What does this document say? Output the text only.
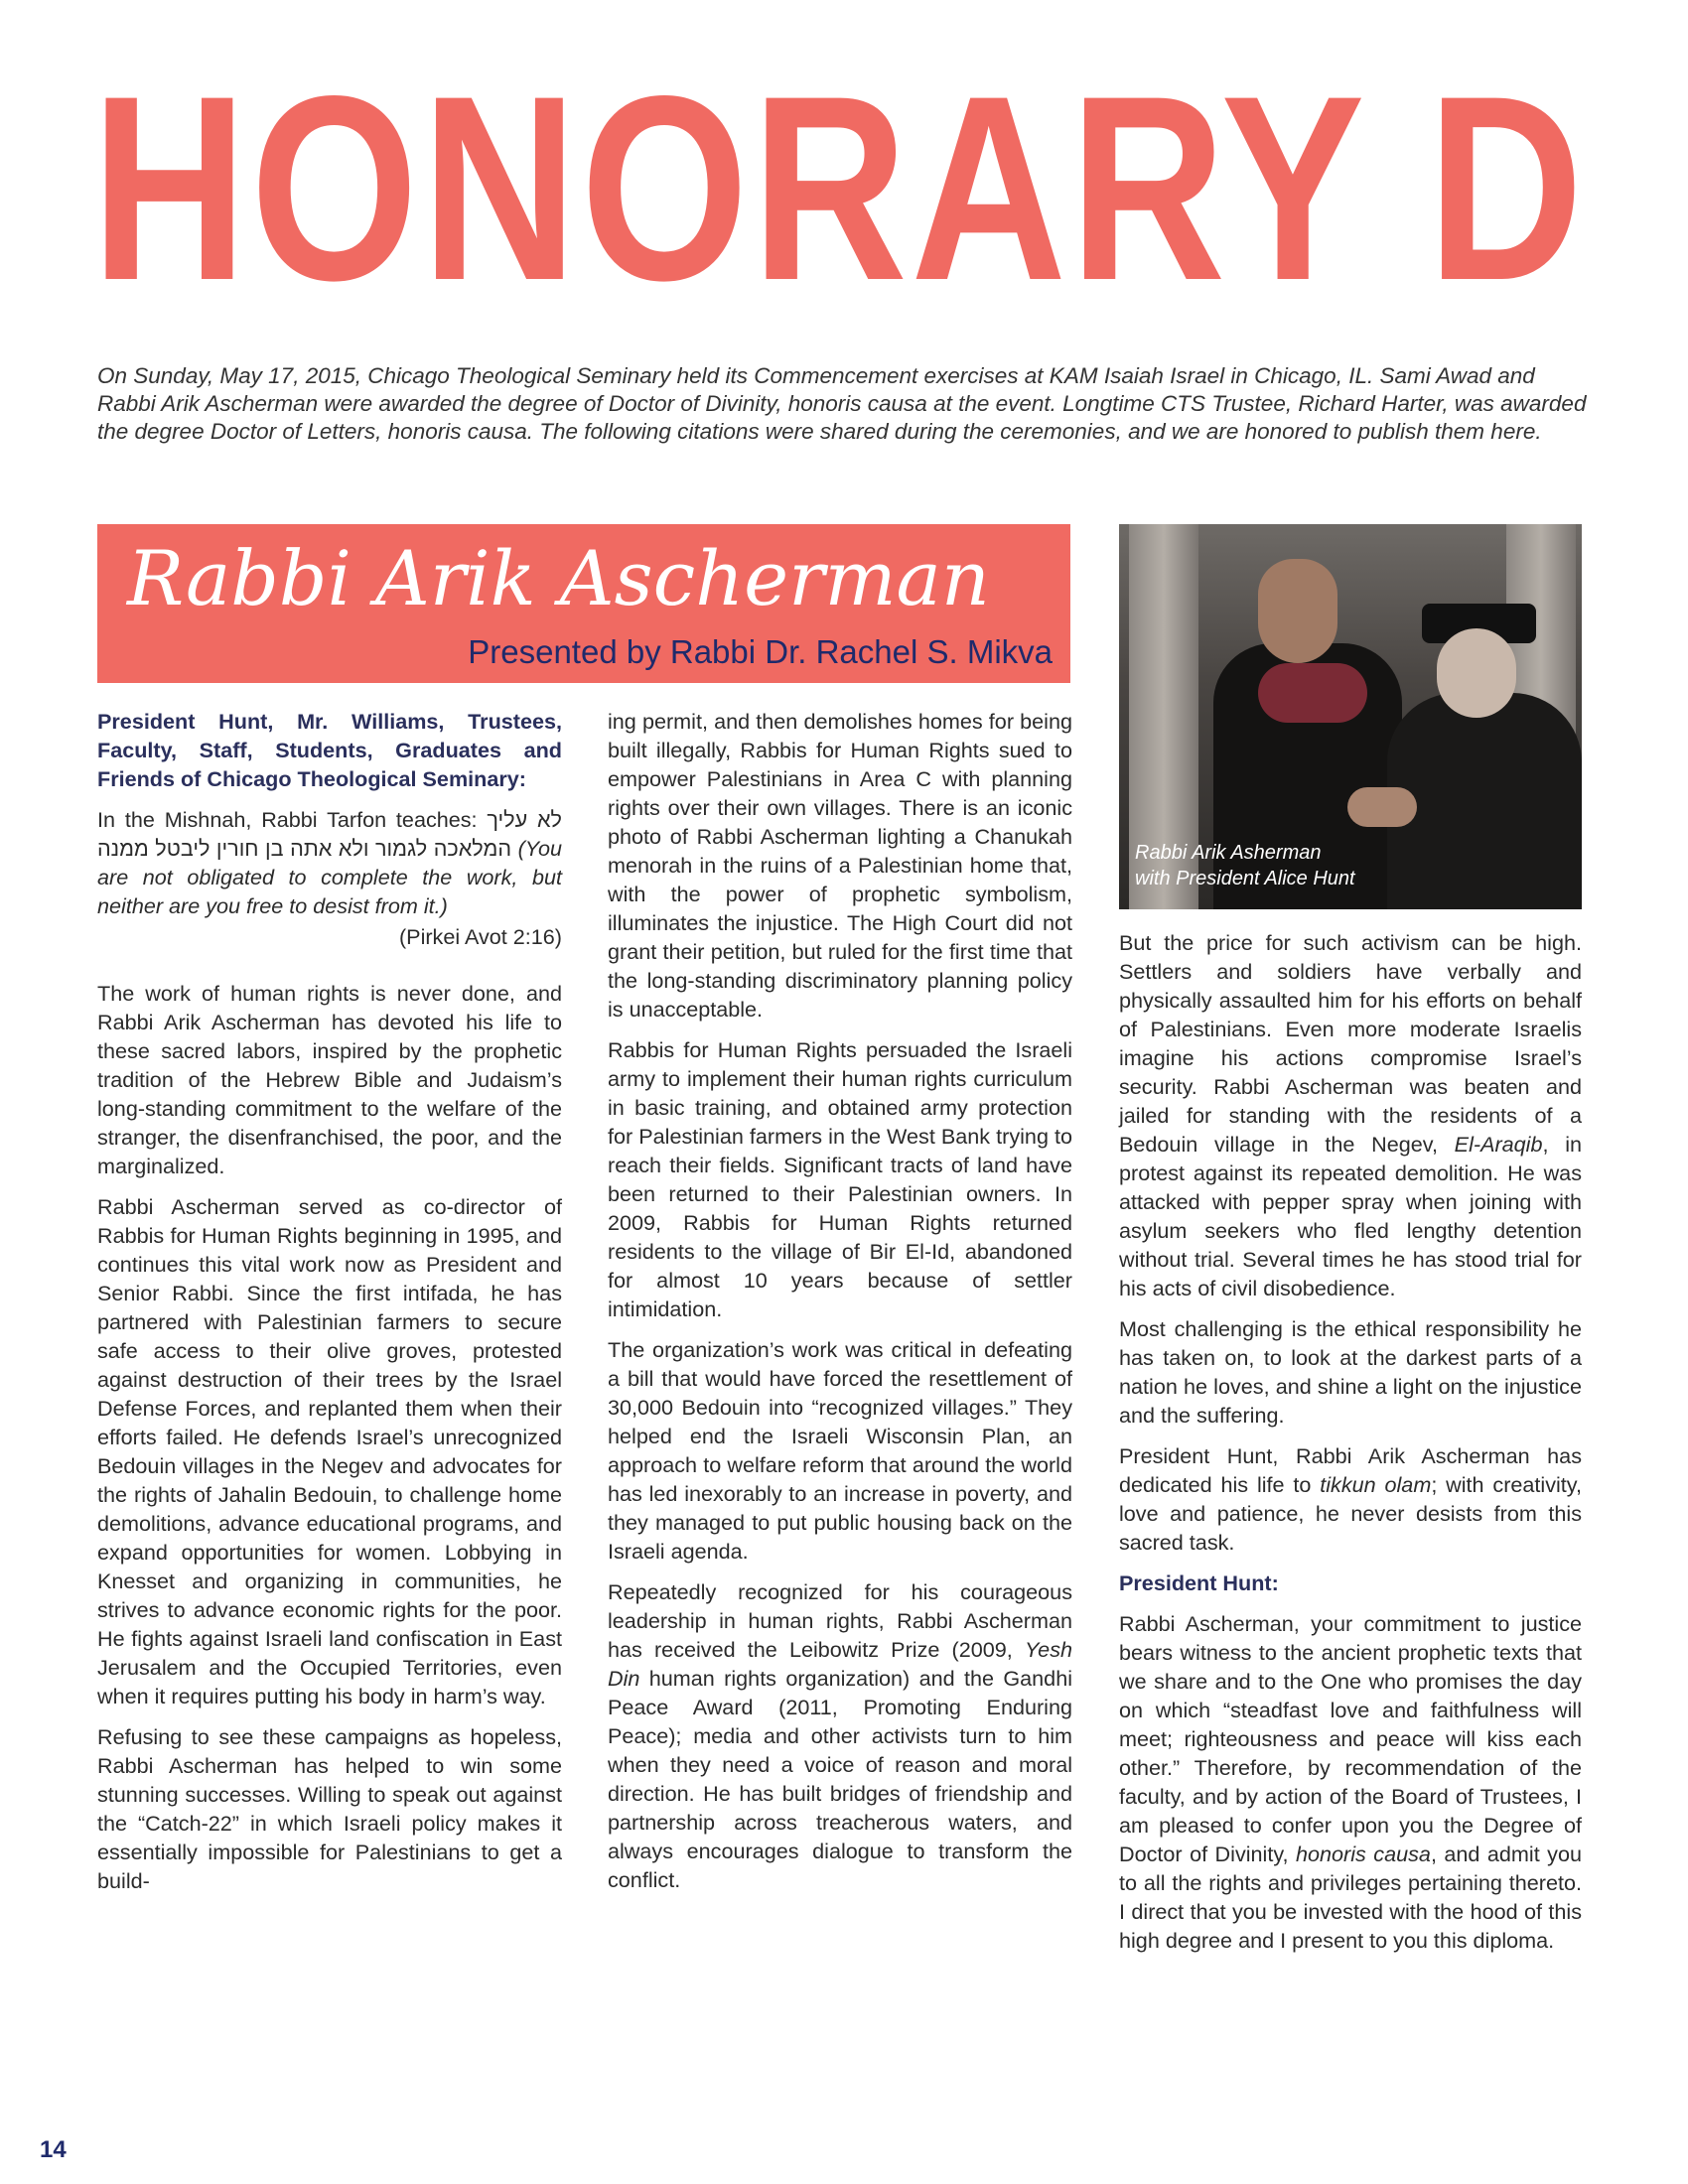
HONORARY D
On Sunday, May 17, 2015, Chicago Theological Seminary held its Commencement exercises at KAM Isaiah Israel in Chicago, IL. Sami Awad and Rabbi Arik Ascherman were awarded the degree of Doctor of Divinity, honoris causa at the event. Longtime CTS Trustee, Richard Harter, was awarded the degree Doctor of Letters, honoris causa. The following citations were shared during the ceremonies, and we are honored to publish them here.
Rabbi Arik Ascherman
Presented by Rabbi Dr. Rachel S. Mikva
Rabbi Arik Asherman
with President Alice Hunt

President Hunt, Mr. Williams, Trustees, Faculty, Staff, Students, Graduates and Friends of Chicago Theological Seminary:

In the Mishnah, Rabbi Tarfon teaches: לא עליך המלאכה לגמור ולא אתה בן חורין ליבטל ממנה (You are not obligated to complete the work, but neither are you free to desist from it.)

(Pirkei Avot 2:16)

The work of human rights is never done, and Rabbi Arik Ascherman has devoted his life to these sacred labors, inspired by the prophetic tradition of the Hebrew Bible and Judaism’s long-standing commitment to the welfare of the stranger, the disenfranchised, the poor, and the marginalized.

Rabbi Ascherman served as co-director of Rabbis for Human Rights beginning in 1995, and continues this vital work now as President and Senior Rabbi. Since the first intifada, he has partnered with Palestinian farmers to secure safe access to their olive groves, protested against destruction of their trees by the Israel Defense Forces, and replanted them when their efforts failed. He defends Israel’s unrecognized Bedouin villages in the Negev and advocates for the rights of Jahalin Bedouin, to challenge home demolitions, advance educational programs, and expand opportunities for women. Lobbying in Knesset and organizing in communities, he strives to advance economic rights for the poor. He fights against Israeli land confiscation in East Jerusalem and the Occupied Territories, even when it requires putting his body in harm’s way.

Refusing to see these campaigns as hopeless, Rabbi Ascherman has helped to win some stunning successes. Willing to speak out against the “Catch-22” in which Israeli policy makes it essentially impossible for Palestinians to get a build-

ing permit, and then demolishes homes for being built illegally, Rabbis for Human Rights sued to empower Palestinians in Area C with planning rights over their own villages. There is an iconic photo of Rabbi Ascherman lighting a Chanukah menorah in the ruins of a Palestinian home that, with the power of prophetic symbolism, illuminates the injustice. The High Court did not grant their petition, but ruled for the first time that the long-standing discriminatory planning policy is unacceptable.

Rabbis for Human Rights persuaded the Israeli army to implement their human rights curriculum in basic training, and obtained army protection for Palestinian farmers in the West Bank trying to reach their fields. Significant tracts of land have been returned to their Palestinian owners. In 2009, Rabbis for Human Rights returned residents to the village of Bir El-Id, abandoned for almost 10 years because of settler intimidation.

The organization’s work was critical in defeating a bill that would have forced the resettlement of 30,000 Bedouin into “recognized villages.” They helped end the Israeli Wisconsin Plan, an approach to welfare reform that around the world has led inexorably to an increase in poverty, and they managed to put public housing back on the Israeli agenda.

Repeatedly recognized for his courageous leadership in human rights, Rabbi Ascherman has received the Leibowitz Prize (2009, Yesh Din human rights organization) and the Gandhi Peace Award (2011, Promoting Enduring Peace); media and other activists turn to him when they need a voice of reason and moral direction. He has built bridges of friendship and partnership across treacherous waters, and always encourages dialogue to transform the conflict.

But the price for such activism can be high. Settlers and soldiers have verbally and physically assaulted him for his efforts on behalf of Palestinians. Even more moderate Israelis imagine his actions compromise Israel’s security. Rabbi Ascherman was beaten and jailed for standing with the residents of a Bedouin village in the Negev, El-Araqib, in protest against its repeated demolition. He was attacked with pepper spray when joining with asylum seekers who fled lengthy detention without trial. Several times he has stood trial for his acts of civil disobedience.

Most challenging is the ethical responsibility he has taken on, to look at the darkest parts of a nation he loves, and shine a light on the injustice and the suffering.

President Hunt, Rabbi Arik Ascherman has dedicated his life to tikkun olam; with creativity, love and patience, he never desists from this sacred task.

President Hunt:

Rabbi Ascherman, your commitment to justice bears witness to the ancient prophetic texts that we share and to the One who promises the day on which “steadfast love and faithfulness will meet; righteousness and peace will kiss each other.” Therefore, by recommendation of the faculty, and by action of the Board of Trustees, I am pleased to confer upon you the Degree of Doctor of Divinity, honoris causa, and admit you to all the rights and privileges pertaining thereto. I direct that you be invested with the hood of this high degree and I present to you this diploma.

14
